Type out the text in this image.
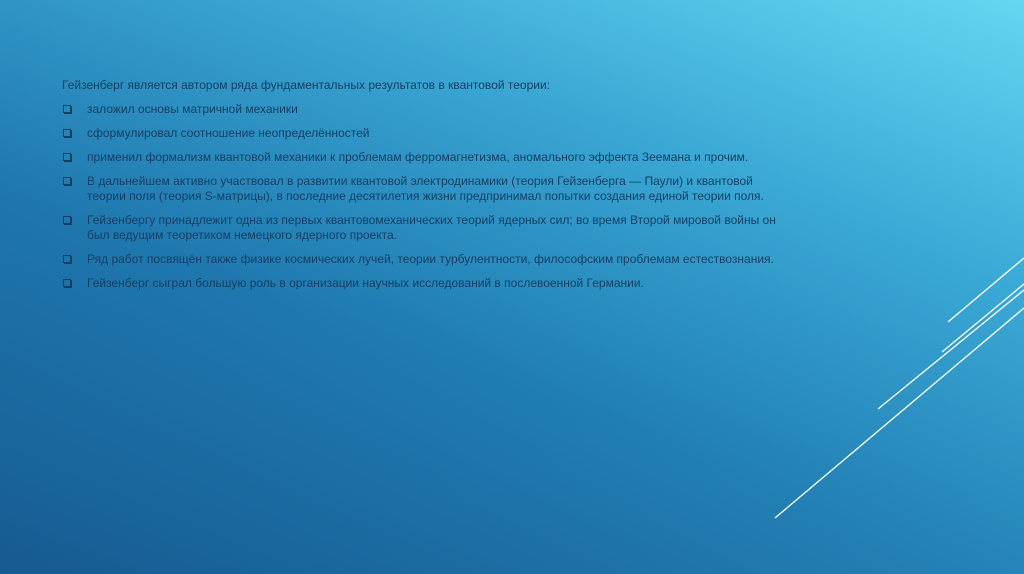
Гейзенберг является автором ряда фундаментальных результатов в квантовой теории:

заложил основы матричной механики
сформулировал соотношение неопределённостей
применил формализм квантовой механики к проблемам ферромагнетизма, аномального эффекта Зеемана и прочим.
В дальнейшем активно участвовал в развитии квантовой электродинамики (теория Гейзенберга — Паули) и квантовой теории поля (теория S-матрицы), в последние десятилетия жизни предпринимал попытки создания единой теории поля.
Гейзенбергу принадлежит одна из первых квантовомеханических теорий ядерных сил; во время Второй мировой войны он был ведущим теоретиком немецкого ядерного проекта.
Ряд работ посвящён также физике космических лучей, теории турбулентности, философским проблемам естествознания.
Гейзенберг сыграл большую роль в организации научных исследований в послевоенной Германии.
